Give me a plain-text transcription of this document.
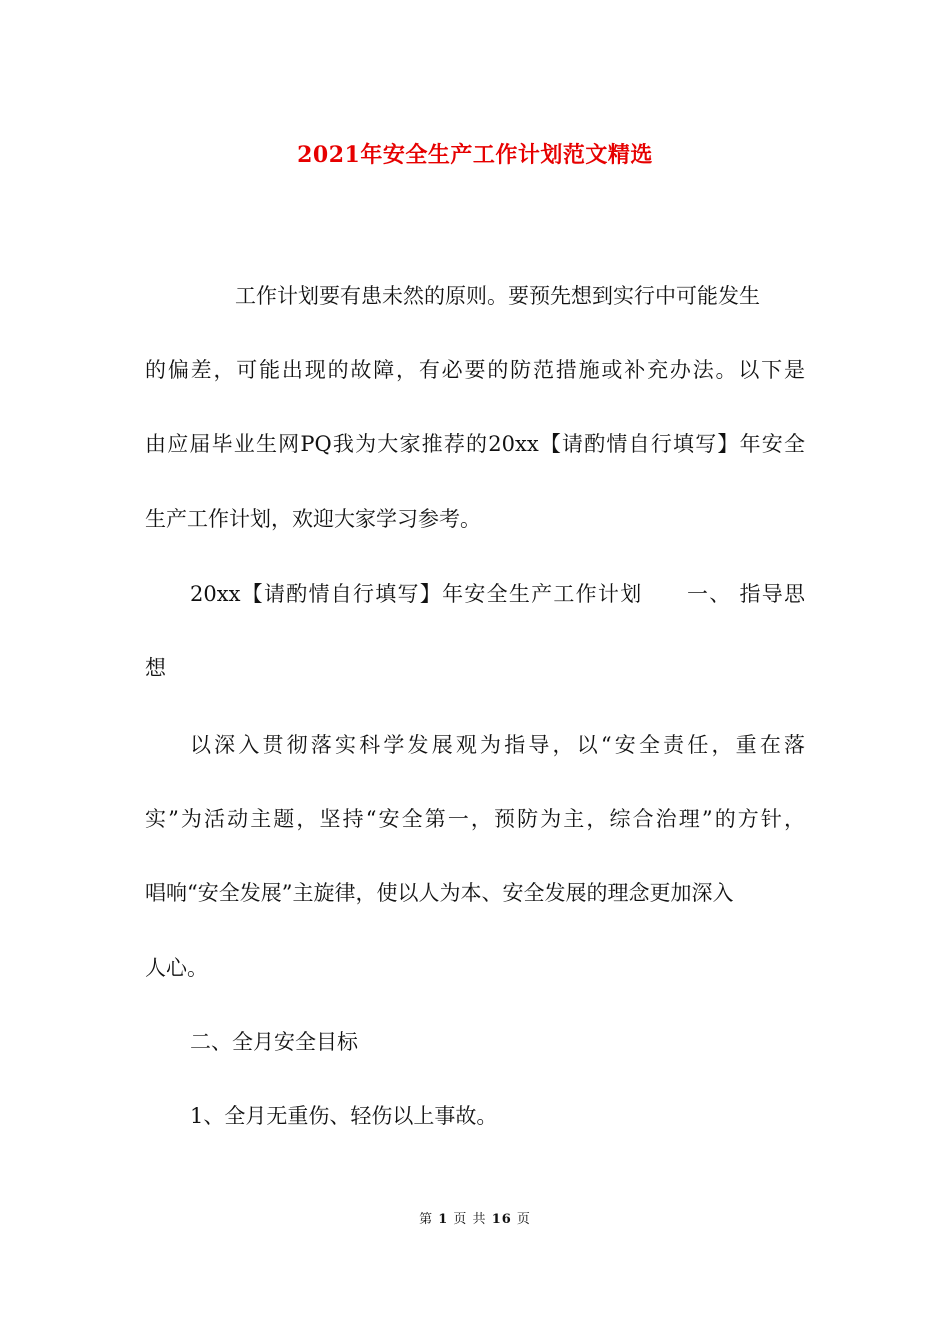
2021年安全生产工作计划范文精选
工作计划要有患未然的原则。要预先想到实行中可能发生
的偏差，可能出现的故障，有必要的防范措施或补充办法。以下是
由应届毕业生网PQ我为大家推荐的20xx【请酌情自行填写】年安全
生产工作计划，欢迎大家学习参考。
20xx【请酌情自行填写】年安全生产工作计划　　一、 指导思
想
以深入贯彻落实科学发展观为指导，以“安全责任，重在落
实”为活动主题，坚持“安全第一，预防为主，综合治理”的方针，
唱响“安全发展”主旋律，使以人为本、安全发展的理念更加深入
人心。
二、全月安全目标
1、全月无重伤、轻伤以上事故。
第 1 页 共 16 页
